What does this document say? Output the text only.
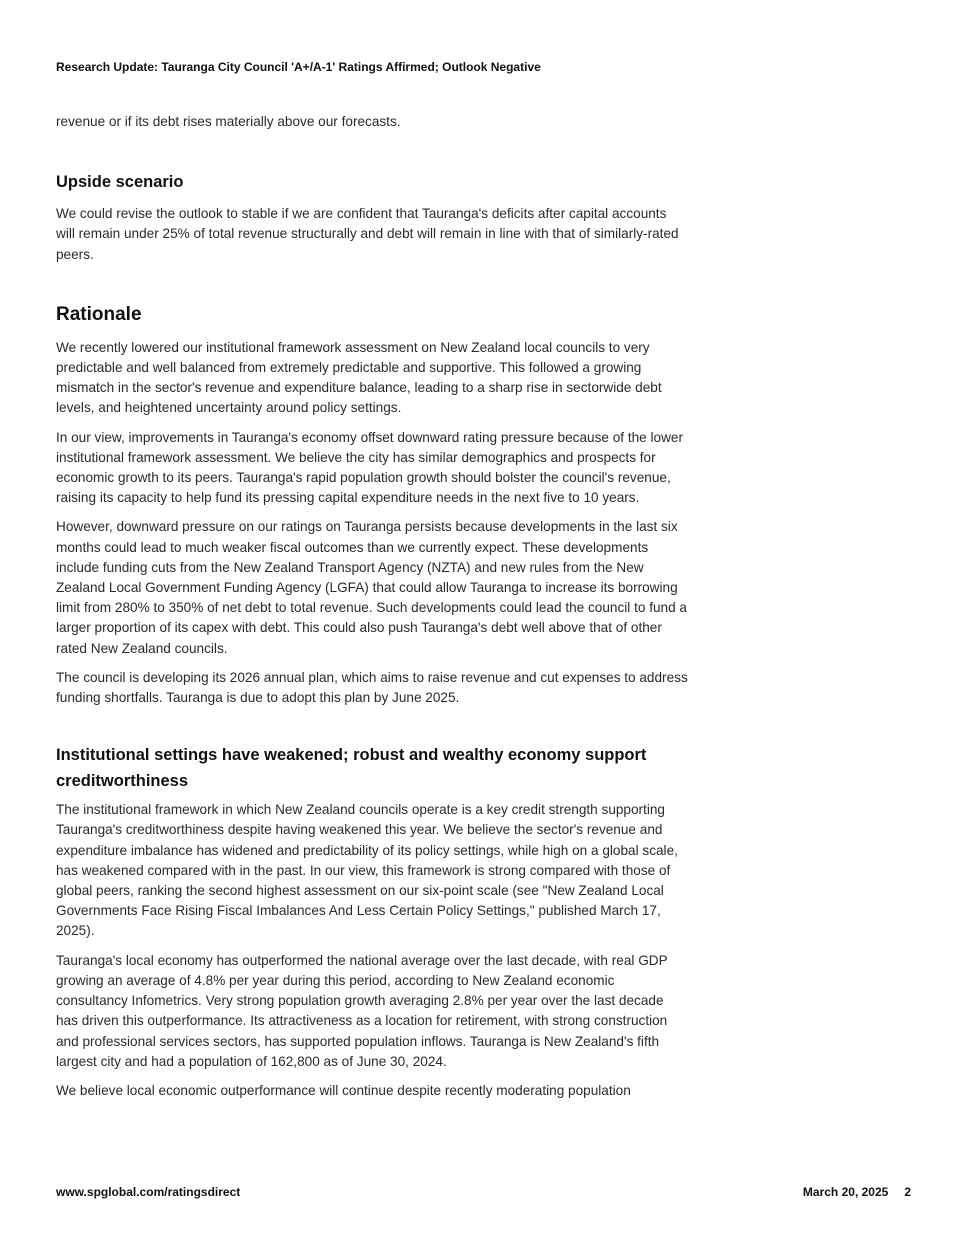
Research Update: Tauranga City Council 'A+/A-1' Ratings Affirmed; Outlook Negative

revenue or if its debt rises materially above our forecasts.

Upside scenario

We could revise the outlook to stable if we are confident that Tauranga's deficits after capital accounts will remain under 25% of total revenue structurally and debt will remain in line with that of similarly-rated peers.

Rationale

We recently lowered our institutional framework assessment on New Zealand local councils to very predictable and well balanced from extremely predictable and supportive. This followed a growing mismatch in the sector's revenue and expenditure balance, leading to a sharp rise in sectorwide debt levels, and heightened uncertainty around policy settings.

In our view, improvements in Tauranga's economy offset downward rating pressure because of the lower institutional framework assessment. We believe the city has similar demographics and prospects for economic growth to its peers. Tauranga's rapid population growth should bolster the council's revenue, raising its capacity to help fund its pressing capital expenditure needs in the next five to 10 years.

However, downward pressure on our ratings on Tauranga persists because developments in the last six months could lead to much weaker fiscal outcomes than we currently expect. These developments include funding cuts from the New Zealand Transport Agency (NZTA) and new rules from the New Zealand Local Government Funding Agency (LGFA) that could allow Tauranga to increase its borrowing limit from 280% to 350% of net debt to total revenue. Such developments could lead the council to fund a larger proportion of its capex with debt. This could also push Tauranga's debt well above that of other rated New Zealand councils.

The council is developing its 2026 annual plan, which aims to raise revenue and cut expenses to address funding shortfalls. Tauranga is due to adopt this plan by June 2025.

Institutional settings have weakened; robust and wealthy economy support creditworthiness

The institutional framework in which New Zealand councils operate is a key credit strength supporting Tauranga's creditworthiness despite having weakened this year. We believe the sector's revenue and expenditure imbalance has widened and predictability of its policy settings, while high on a global scale, has weakened compared with in the past. In our view, this framework is strong compared with those of global peers, ranking the second highest assessment on our six-point scale (see "New Zealand Local Governments Face Rising Fiscal Imbalances And Less Certain Policy Settings," published March 17, 2025).

Tauranga's local economy has outperformed the national average over the last decade, with real GDP growing an average of 4.8% per year during this period, according to New Zealand economic consultancy Infometrics. Very strong population growth averaging 2.8% per year over the last decade has driven this outperformance. Its attractiveness as a location for retirement, with strong construction and professional services sectors, has supported population inflows. Tauranga is New Zealand's fifth largest city and had a population of 162,800 as of June 30, 2024.

We believe local economic outperformance will continue despite recently moderating population

www.spglobal.com/ratingsdirect	March 20, 2025 2
